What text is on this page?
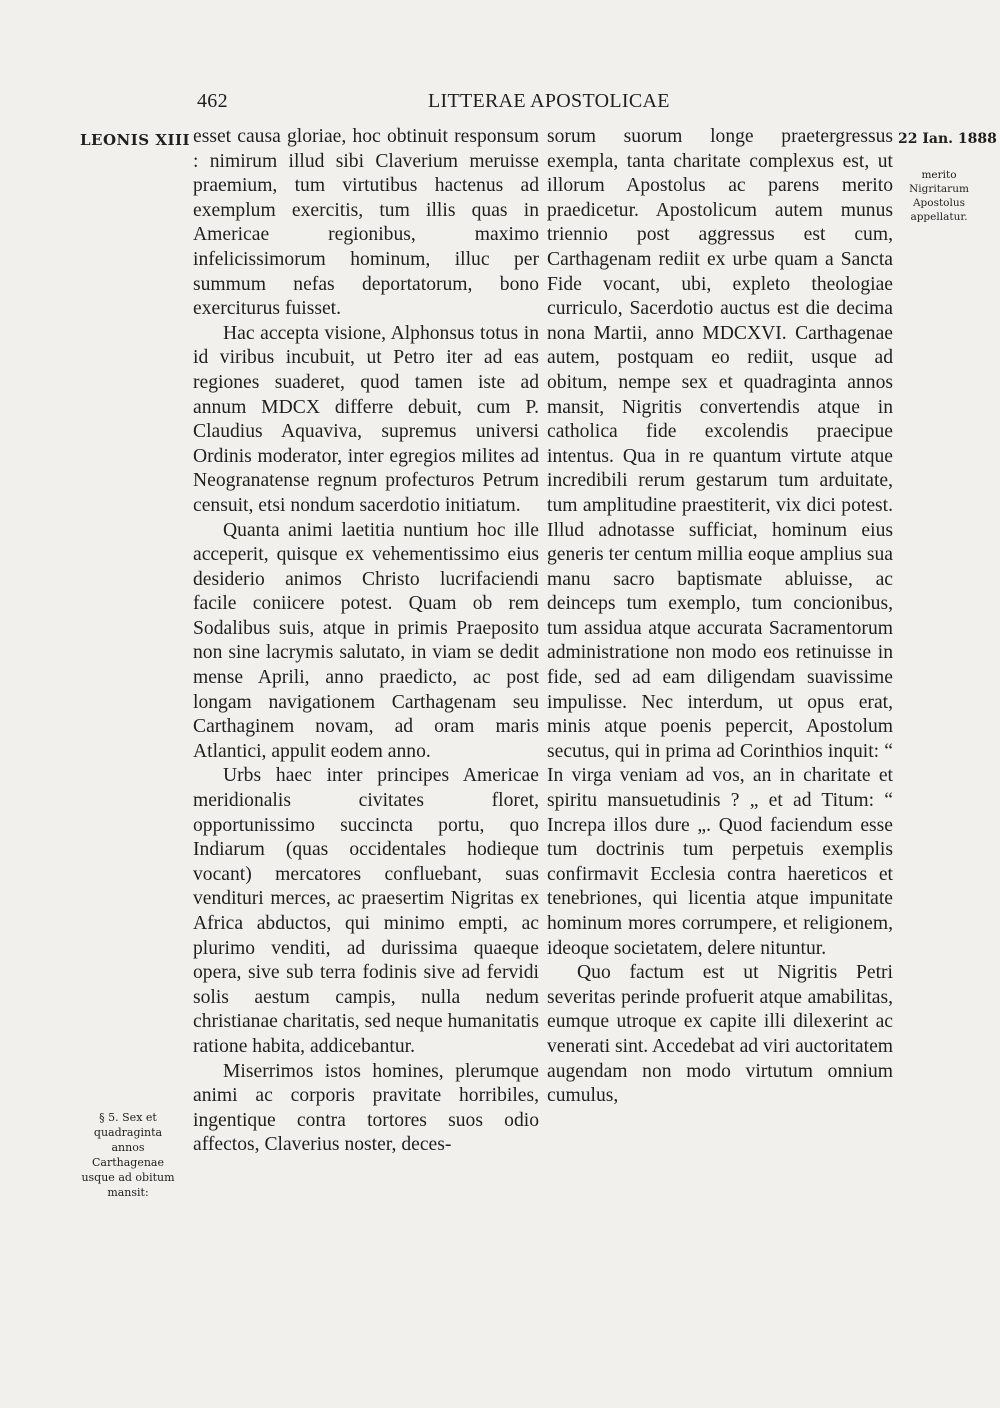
462	LITTERAE APOSTOLICAE
LEONIS XIII	22 Ian. 1888
merito Nigritarum Apostolus appellatur.
§ 5. Sex et quadraginta annos Carthagenae usque ad obitum mansit:

esset causa gloriae, hoc obtinuit responsum : nimirum illud sibi Claverium meruisse praemium, tum virtutibus hactenus ad exemplum exercitis, tum illis quas in Americae regionibus, maximo infelicissimorum hominum, illuc per summum nefas deportatorum, bono exerciturus fuisset.

Hac accepta visione, Alphonsus totus in id viribus incubuit, ut Petro iter ad eas regiones suaderet, quod tamen iste ad annum MDCX differre debuit, cum P. Claudius Aquaviva, supremus universi Ordinis moderator, inter egregios milites ad Neogranatense regnum profecturos Petrum censuit, etsi nondum sacerdotio initiatum.

Quanta animi laetitia nuntium hoc ille acceperit, quisque ex vehementissimo eius desiderio animos Christo lucrifaciendi facile coniicere potest. Quam ob rem Sodalibus suis, atque in primis Praeposito non sine lacrymis salutato, in viam se dedit mense Aprili, anno praedicto, ac post longam navigationem Carthagenam seu Carthaginem novam, ad oram maris Atlantici, appulit eodem anno.

Urbs haec inter principes Americae meridionalis civitates floret, opportunissimo succincta portu, quo Indiarum (quas occidentales hodieque vocant) mercatores confluebant, suas vendituri merces, ac praesertim Nigritas ex Africa abductos, qui minimo empti, ac plurimo venditi, ad durissima quaeque opera, sive sub terra fodinis sive ad fervidi solis aestum campis, nulla nedum christianae charitatis, sed neque humanitatis ratione habita, addicebantur.

Miserrimos istos homines, plerumque animi ac corporis pravitate horribiles, ingentique contra tortores suos odio affectos, Claverius noster, deces-

sorum suorum longe praetergressus exempla, tanta charitate complexus est, ut illorum Apostolus ac parens merito praedicetur. Apostolicum autem munus triennio post aggressus est cum, Carthagenam rediit ex urbe quam a Sancta Fide vocant, ubi, expleto theologiae curriculo, Sacerdotio auctus est die decima nona Martii, anno MDCXVI. Carthagenae autem, postquam eo rediit, usque ad obitum, nempe sex et quadraginta annos mansit, Nigritis convertendis atque in catholica fide excolendis praecipue intentus. Qua in re quantum virtute atque incredibili rerum gestarum tum arduitate, tum amplitudine praestiterit, vix dici potest. Illud adnotasse sufficiat, hominum eius generis ter centum millia eoque amplius sua manu sacro baptismate abluisse, ac deinceps tum exemplo, tum concionibus, tum assidua atque accurata Sacramentorum administratione non modo eos retinuisse in fide, sed ad eam diligendam suavissime impulisse. Nec interdum, ut opus erat, minis atque poenis pepercit, Apostolum secutus, qui in prima ad Corinthios inquit: “ In virga veniam ad vos, an in charitate et spiritu mansuetudinis ? „ et ad Titum: “ Increpa illos dure „. Quod faciendum esse tum doctrinis tum perpetuis exemplis confirmavit Ecclesia contra haereticos et tenebriones, qui licentia atque impunitate hominum mores corrumpere, et religionem, ideoque societatem, delere nituntur.

Quo factum est ut Nigritis Petri severitas perinde profuerit atque amabilitas, eumque utroque ex capite illi dilexerint ac venerati sint. Accedebat ad viri auctoritatem augendam non modo virtutum omnium cumulus,
